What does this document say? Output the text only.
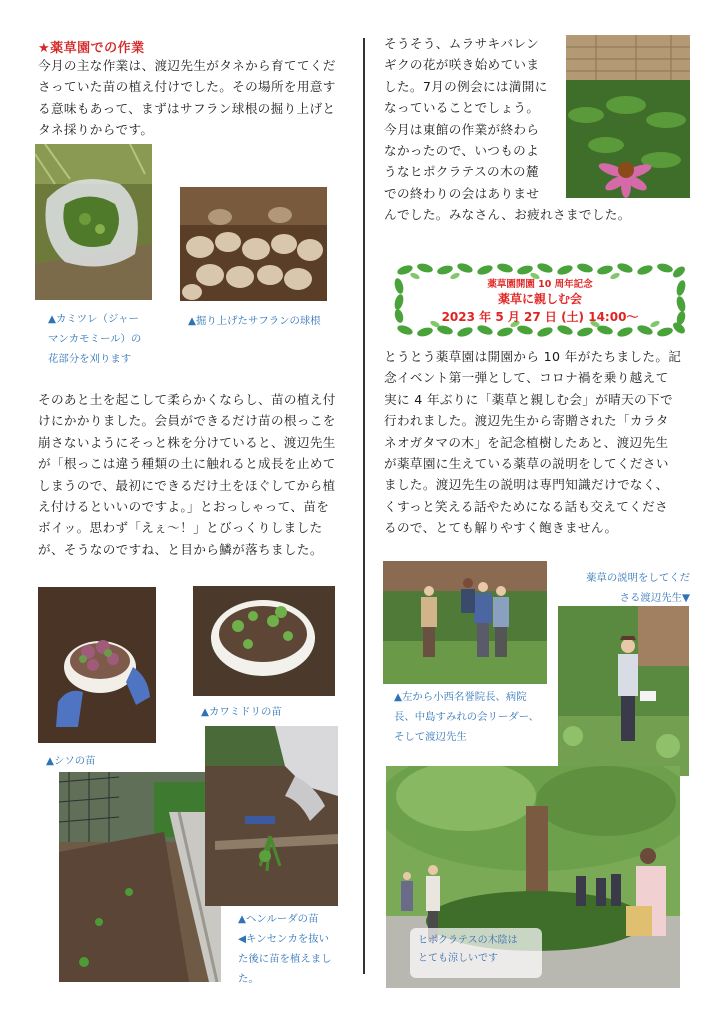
★薬草園での作業
今月の主な作業は、渡辺先生がタネから育ててくだ
さっていた苗の植え付けでした。その場所を用意す
る意味もあって、まずはサフラン球根の掘り上げと
タネ採りからです。
▲カミツレ（ジャー
マンカモミール）の
花部分を刈ります
▲掘り上げたサフランの球根
そのあと土を起こして柔らかくならし、苗の植え付
けにかかりました。会員ができるだけ苗の根っこを
崩さないようにそっと株を分けていると、渡辺先生
が「根っこは違う種類の土に触れると成長を止めて
しまうので、最初にできるだけ土をほぐしてから植
え付けるといいのですよ。」とおっしゃって、苗を
ボイッ。思わず「えぇ〜！」とびっくりしました
が、そうなのですね、と目から鱗が落ちました。
▲シソの苗
▲カワミドリの苗
▲ヘンルーダの苗
◀キンセンカを抜い
た後に苗を植えまし
た。
そうそう、ムラサキバレン
ギクの花が咲き始めていま
した。7月の例会には満開に
なっていることでしょう。
今月は東館の作業が終わら
なかったので、いつものよ
うなヒポクラテスの木の麓
での終わりの会はありませ
んでした。みなさん、お疲れさまでした。
薬草園開園 10 周年記念
薬草に親しむ会
2023 年 5 月 27 日 (土) 14:00〜
とうとう薬草園は開園から 10 年がたちました。記
念イベント第一弾として、コロナ禍を乗り越えて
実に 4 年ぶりに「薬草と親しむ会」が晴天の下で
行われました。渡辺先生から寄贈された「カラタ
ネオガタマの木」を記念植樹したあと、渡辺先生
が薬草園に生えている薬草の説明をしてください
ました。渡辺先生の説明は専門知識だけでなく、
くすっと笑える話やためになる話も交えてくださ
るので、とても解りやすく飽きません。
▲左から小西名誉院長、病院
長、中島すみれの会リーダー、
そして渡辺先生
薬草の説明をしてくだ
さる渡辺先生▼
ヒポクラテスの木陰は
とても涼しいです
